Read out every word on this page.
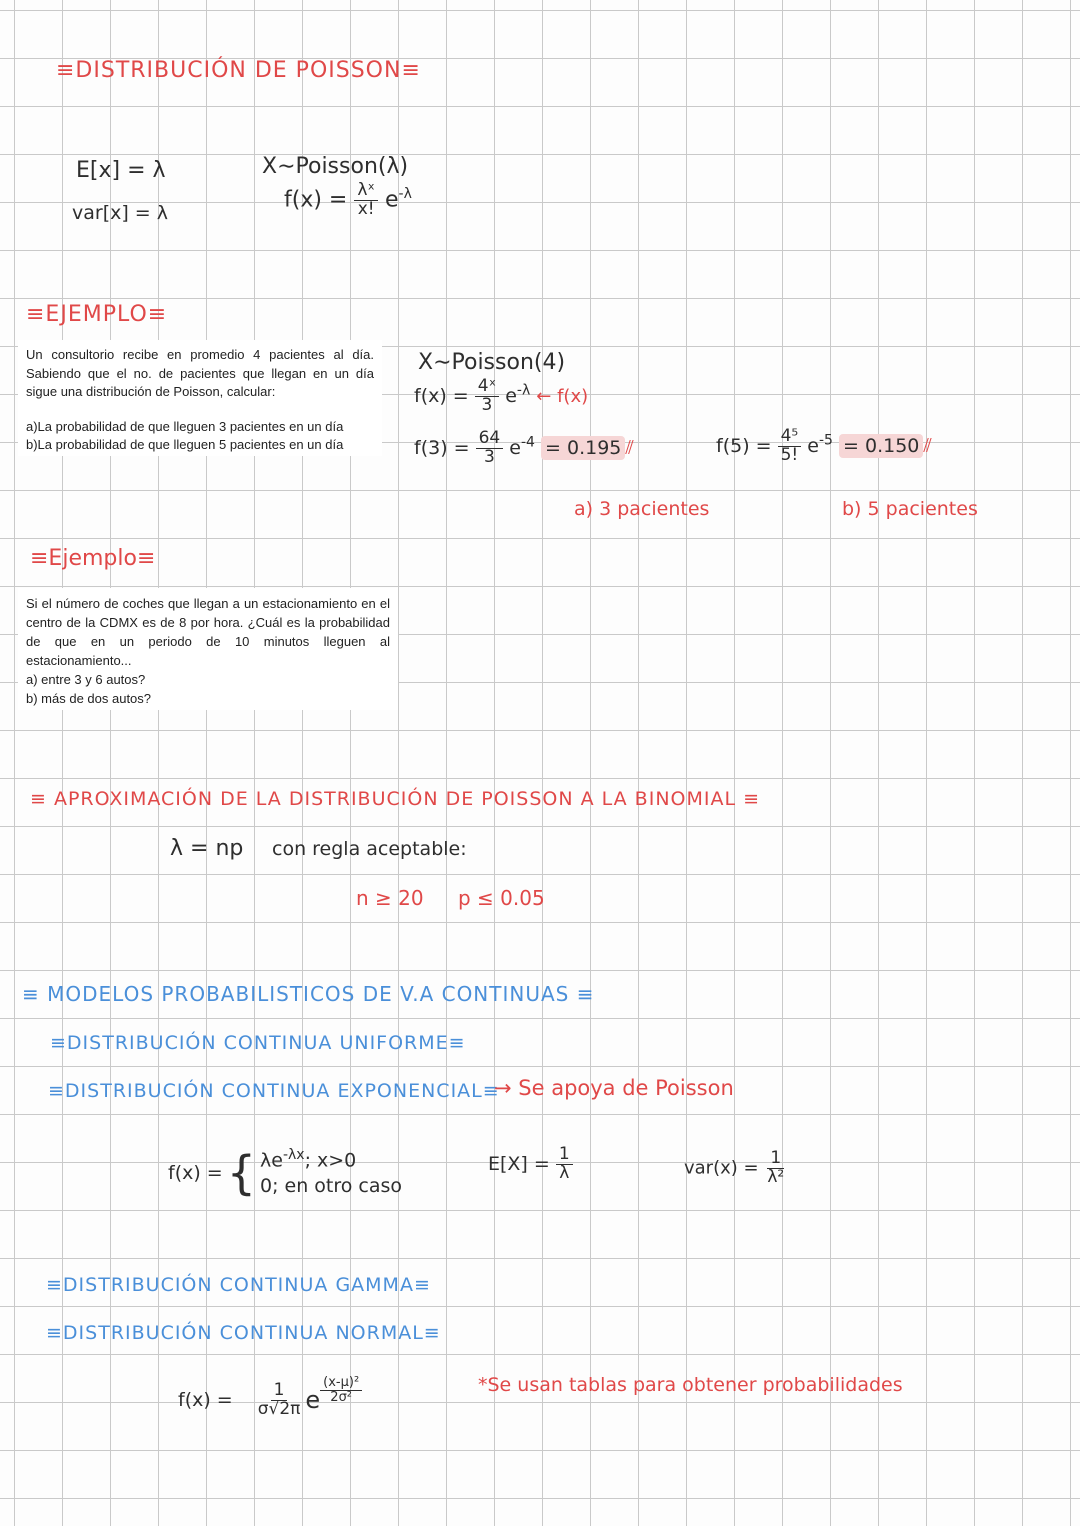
≡DISTRIBUCIÓN DE POISSON≡
E[x] = λ
var[x] = λ
X∼Poisson(λ)
$f(x) = \frac{\text{λˣ}}{x!} e^{-\lambda}$
≡EJEMPLO≡

Un consultorio recibe en promedio 4 pacientes al día. Sabiendo que el no. de pacientes que llegan en un día sigue una distribución de Poisson, calcular:

a)La probabilidad de que lleguen 3 pacientes en un día

b)La probabilidad de que lleguen 5 pacientes en un día

X∼Poisson(4)
$f(x) = \frac{\text{4ˣ}}{3} e^{-\lambda}$ ← f(x)
$f(3) = \frac{64}{3} e^{-4} = 0.195$ ⫽
a) 3 pacientes
$f(5) = \frac{\text{4⁵}}{5!} e^{-5} = 0.150$ ⫽
b) 5 pacientes
≡Ejemplo≡

Si el número de coches que llegan a un estacionamiento en el centro de la CDMX es de 8 por hora. ¿Cuál es la probabilidad de que en un periodo de 10 minutos lleguen al estacionamiento...

a) entre 3 y 6 autos?

b) más de dos autos?

≡ APROXIMACIÓN DE LA DISTRIBUCIÓN DE POISSON A LA BINOMIAL ≡
λ = np con regla aceptable:
n ≥ 20 p ≤ 0.05
≡ MODELOS PROBABILISTICOS DE V.A CONTINUAS ≡
≡DISTRIBUCIÓN CONTINUA UNIFORME≡
≡DISTRIBUCIÓN CONTINUA EXPONENCIAL≡
→ Se apoya de Poisson
f(x) = { $\lambda e^{-\lambda x}$; x>0
0; en otro caso
$E[X] = \frac{1}{\lambda}$	$var(x) = \frac{1}{\text{λ²}}$
≡DISTRIBUCIÓN CONTINUA GAMMA≡
≡DISTRIBUCIÓN CONTINUA NORMAL≡
$f(x) = \frac{1}{\sigma√2\pi}$ e $\frac{\text{(x-μ)²}}{\text{2σ²}}$	*Se usan tablas para obtener probabilidades
